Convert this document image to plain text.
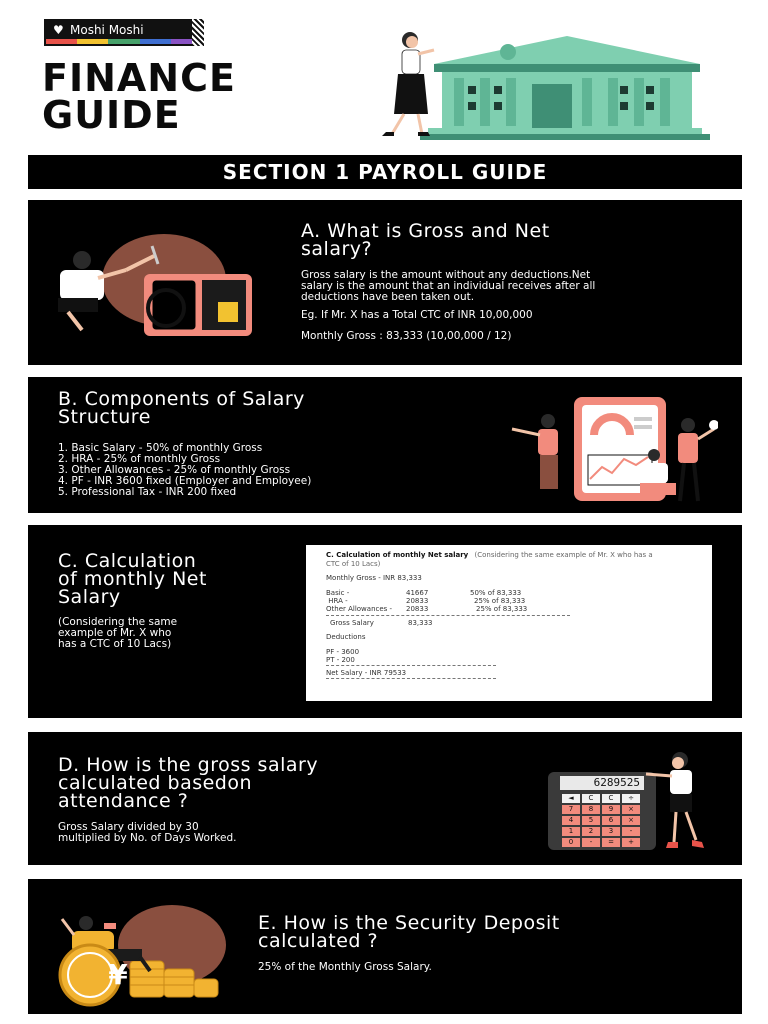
♥ Moshi Moshi
FINANCE
GUIDE
SECTION 1 PAYROLL GUIDE
A. What is Gross and Net
salary?
Gross salary is the amount without any deductions.Net
salary is the amount that an individual receives after all
deductions have been taken out.
Eg. If Mr. X has a Total CTC of INR 10,00,000
Monthly Gross : 83,333 (10,00,000 / 12)
B. Components of Salary
Structure
1. Basic Salary - 50% of monthly Gross
2. HRA - 25% of monthly Gross
3. Other Allowances - 25% of monthly Gross
4. PF - INR 3600 fixed (Employer and Employee)
5. Professional Tax - INR 200 fixed
C. Calculation
of monthly Net
Salary
(Considering the same
example of Mr. X who
has a CTC of 10 Lacs)
C. Calculation of monthly Net salary (Considering the same example of Mr. X who has a
CTC of 10 Lacs)
Monthly Gross - INR 83,333
Basic -	41667	50% of 83,333
HRA -	20833	25% of 83,333
Other Allowances - 20833	25% of 83,333
Gross Salary	83,333
Deductions
PF - 3600
PT - 200
Net Salary - INR 79533
D. How is the gross salary
calculated basedon
attendance ?
Gross Salary divided by 30
multiplied by No. of Days Worked.
6289525
◄	C	C	÷
7	8	9	×
4	5	6	×
1	2	3	-
0	-	=	+
¥
E. How is the Security Deposit
calculated ?
25% of the Monthly Gross Salary.
